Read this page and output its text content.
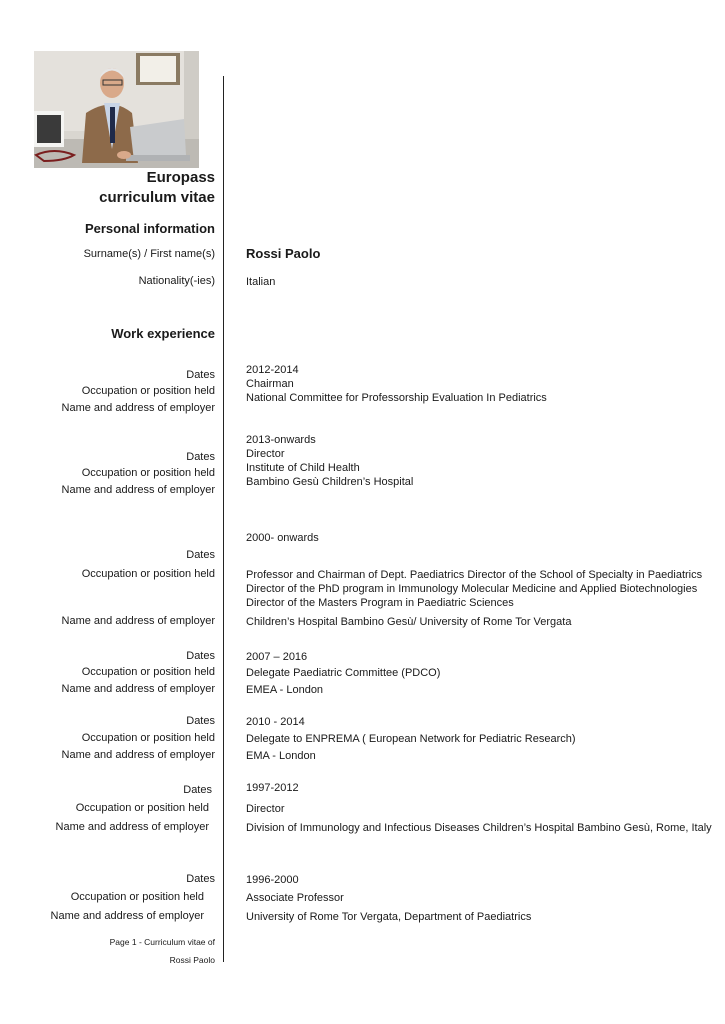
Europass
curriculum vitae
Personal information
Surname(s) / First name(s) Rossi Paolo
Nationality(-ies)	Italian
Work experience
Dates
Occupation or position held
Name and address of employer
2012-2014
Chairman
National Committee for Professorship Evaluation In Pediatrics
Dates
Occupation or position held
Name and address of employer
2013-onwards
Director
Institute of Child Health
Bambino Gesù Children’s Hospital
Dates
Occupation or position held
Name and address of employer
2000- onwards
Professor and Chairman of Dept. Paediatrics Director of the School of Specialty in Paediatrics
Director of the PhD program in Immunology Molecular Medicine and Applied Biotechnologies
Director of the Masters Program in Paediatric Sciences
Children’s Hospital Bambino Gesù/ University of Rome Tor Vergata
Dates
Occupation or position held
Name and address of employer
2007 – 2016
Delegate Paediatric Committee (PDCO)
EMEA - London
Dates
Occupation or position held
Name and address of employer
2010 - 2014
Delegate to ENPREMA ( European Network for Pediatric Research)
EMA - London
Dates
Occupation or position held
Name and address of employer
1997-2012
Director
Division of Immunology and Infectious Diseases Children’s Hospital Bambino Gesù, Rome, Italy
Dates
Occupation or position held
Name and address of employer
1996-2000
Associate Professor
University of Rome Tor Vergata, Department of Paediatrics
Page 1 - Curriculum vitae of
Rossi Paolo
